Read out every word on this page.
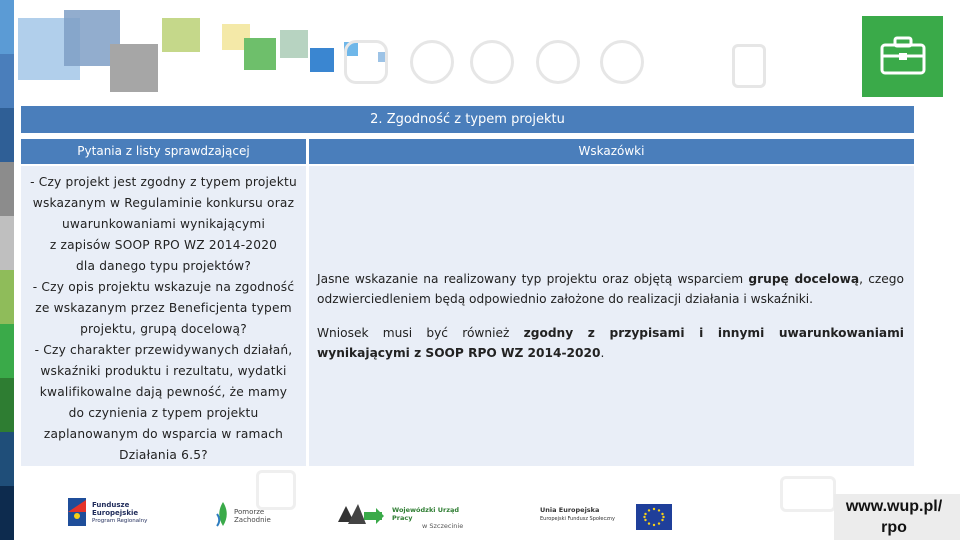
2. Zgodność z typem projektu
Pytania z listy sprawdzającej	Wskazówki
- Czy projekt jest zgodny z typem projektu
wskazanym w Regulaminie konkursu oraz
uwarunkowaniami wynikającymi
z zapisów SOOP RPO WZ 2014-2020
dla danego typu projektów?
- Czy opis projektu wskazuje na zgodność
ze wskazanym przez Beneficjenta typem
projektu, grupą docelową?
- Czy charakter przewidywanych działań,
wskaźniki produktu i rezultatu, wydatki
kwalifikowalne dają pewność, że mamy
do czynienia z typem projektu
zaplanowanym do wsparcia w ramach
Działania 6.5?

Jasne wskazanie na realizowany typ projektu oraz objętą wsparciem grupę docelową, czego odzwierciedleniem będą odpowiednio założone do realizacji działania i wskaźniki.

Wniosek musi być również zgodny z przypisami i innymi uwarunkowaniami wynikającymi z SOOP RPO WZ 2014-2020.

Fundusze
Europejskie
Program Regionalny
Pomorze
Zachodnie
Wojewódzki Urząd Pracy
w Szczecinie
Unia Europejska
Europejski Fundusz Społeczny
www.wup.pl/
rpo
